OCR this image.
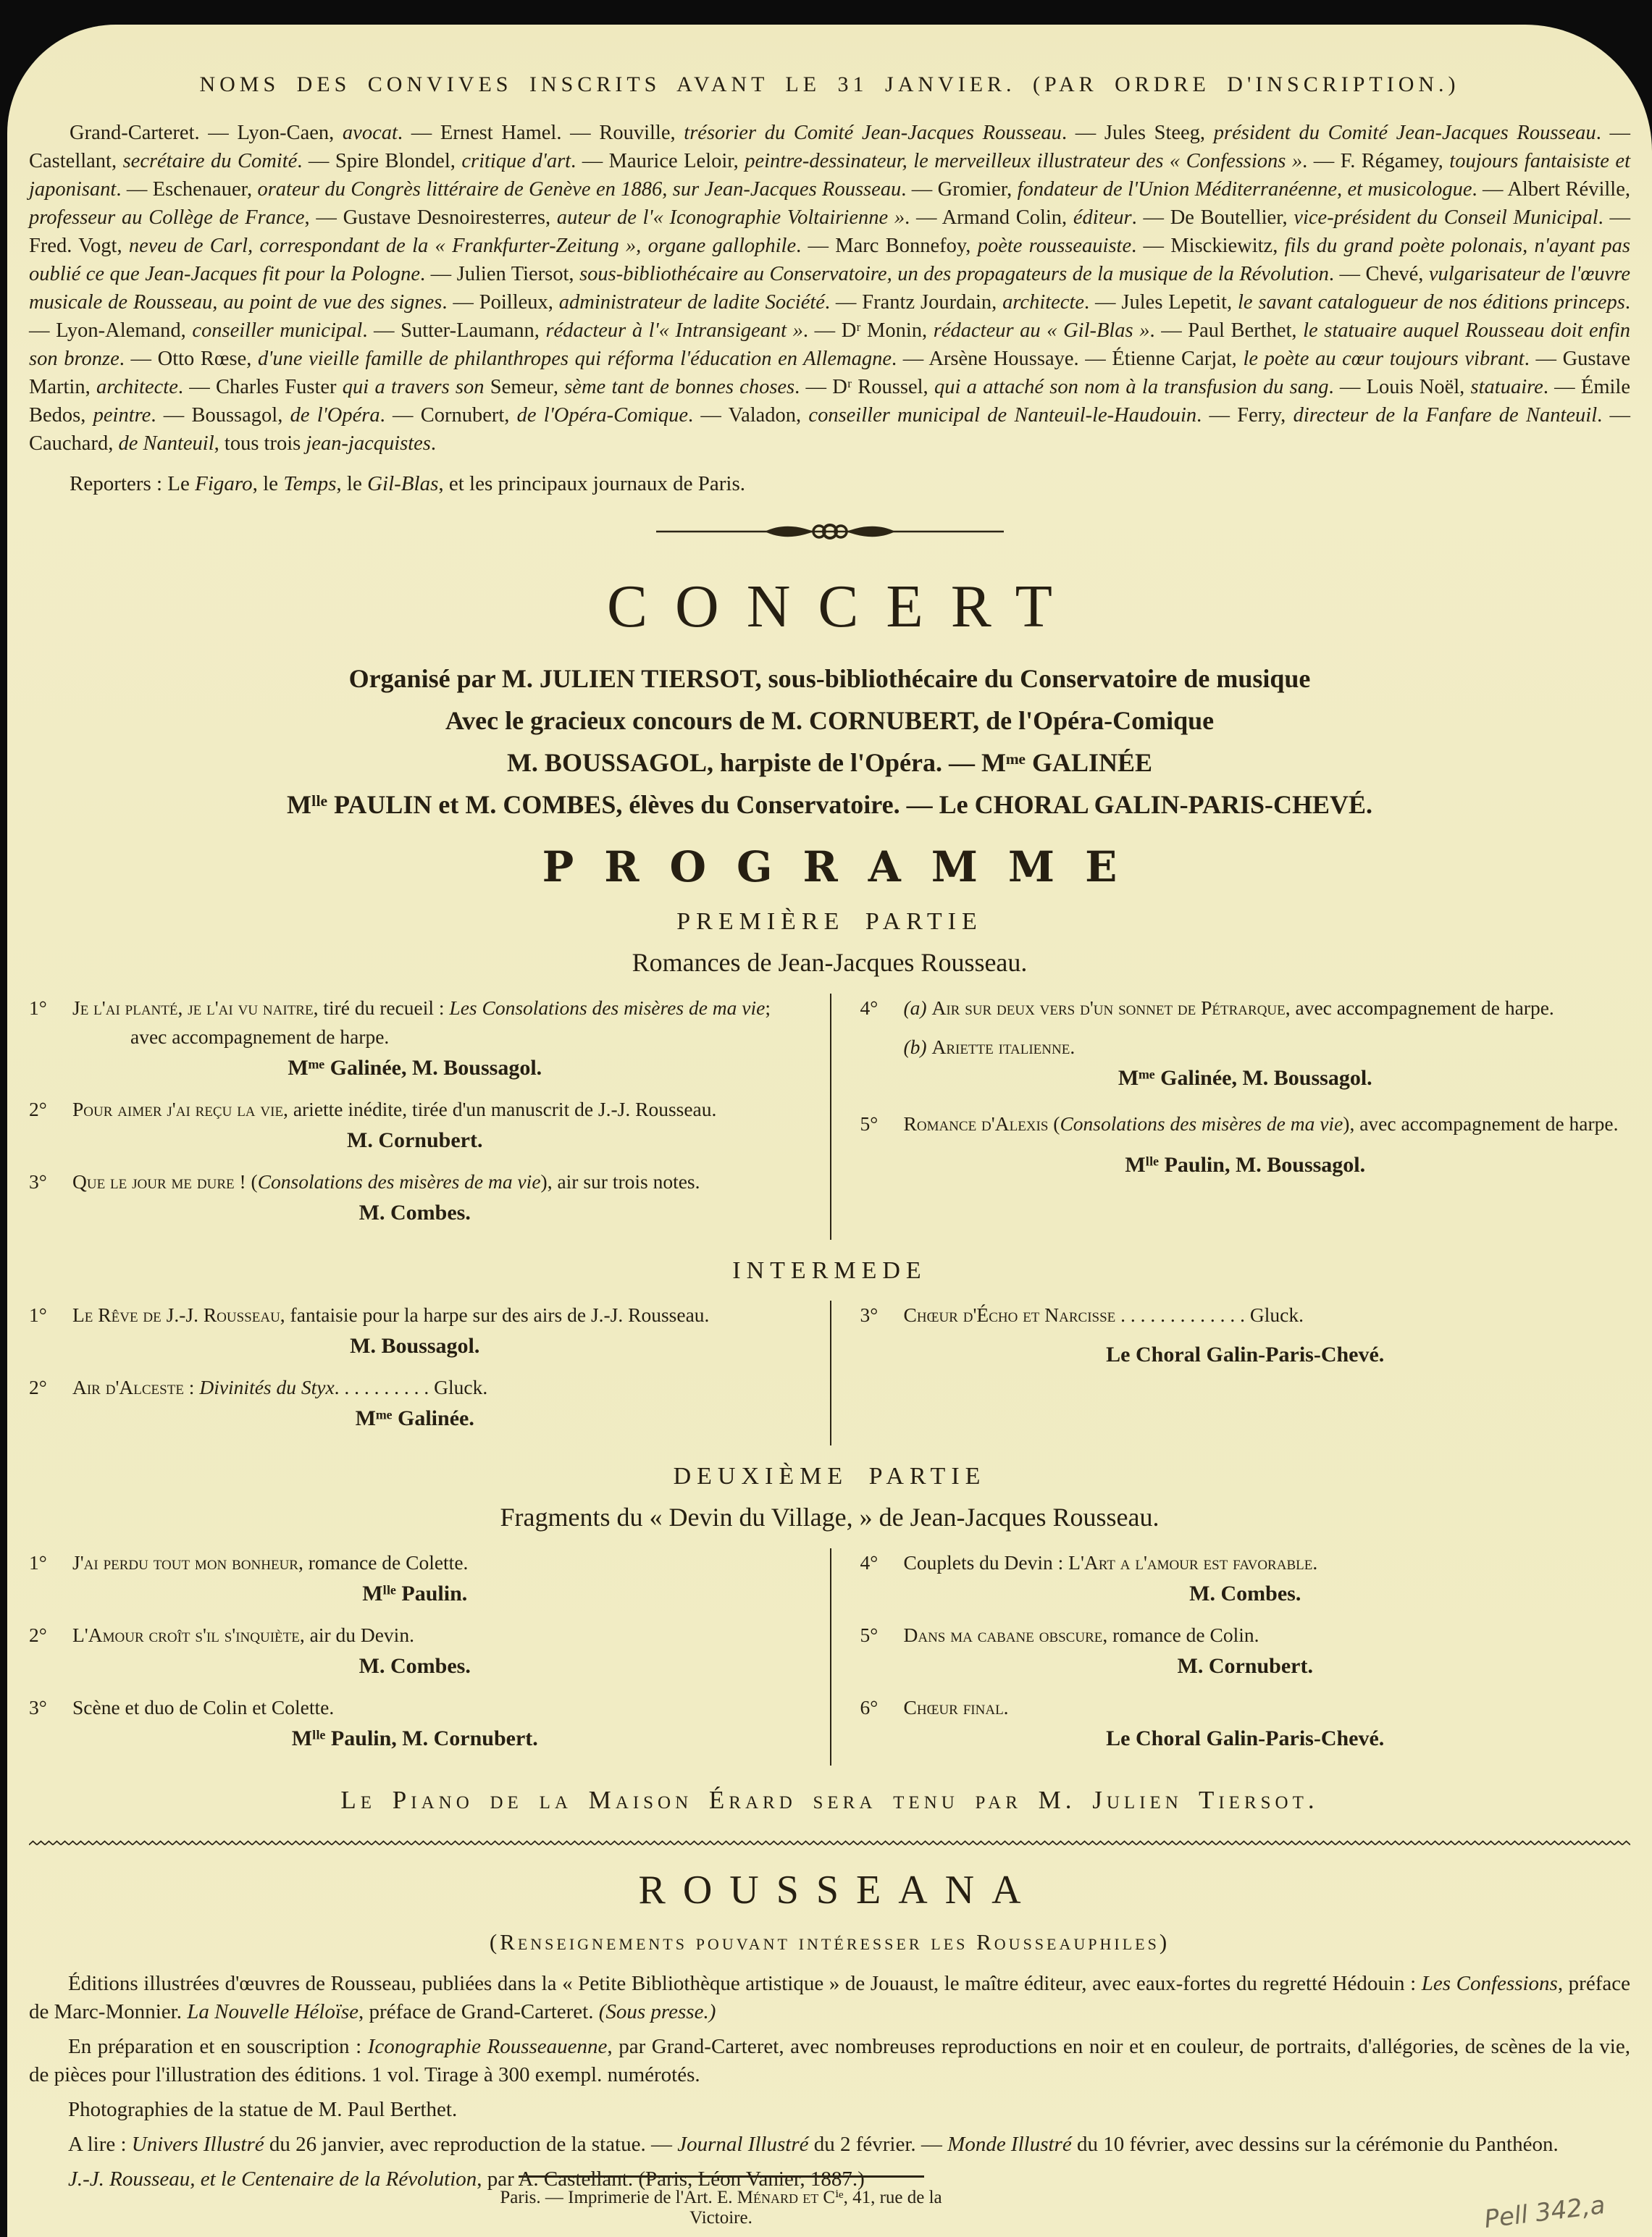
NOMS DES CONVIVES INSCRITS AVANT LE 31 JANVIER. (PAR ORDRE D'INSCRIPTION.)

Grand-Carteret. — Lyon-Caen, avocat. — Ernest Hamel. — Rouville, trésorier du Comité Jean-Jacques Rousseau. — Jules Steeg, président du Comité Jean-Jacques Rousseau. — Castellant, secrétaire du Comité. — Spire Blondel, critique d'art. — Maurice Leloir, peintre-dessinateur, le merveilleux illustrateur des « Confessions ». — F. Régamey, toujours fantaisiste et japonisant. — Eschenauer, orateur du Congrès littéraire de Genève en 1886, sur Jean-Jacques Rousseau. — Gromier, fondateur de l'Union Méditerranéenne, et musicologue. — Albert Réville, professeur au Collège de France, — Gustave Desnoiresterres, auteur de l'« Iconographie Voltairienne ». — Armand Colin, éditeur. — De Boutellier, vice-président du Conseil Municipal. — Fred. Vogt, neveu de Carl, correspondant de la « Frankfurter-Zeitung », organe gallophile. — Marc Bonnefoy, poète rousseauiste. — Misckiewitz, fils du grand poète polonais, n'ayant pas oublié ce que Jean-Jacques fit pour la Pologne. — Julien Tiersot, sous-bibliothécaire au Conservatoire, un des propagateurs de la musique de la Révolution. — Chevé, vulgarisateur de l'œuvre musicale de Rousseau, au point de vue des signes. — Poilleux, administrateur de ladite Société. — Frantz Jourdain, architecte. — Jules Lepetit, le savant catalogueur de nos éditions princeps. — Lyon-Alemand, conseiller municipal. — Sutter-Laumann, rédacteur à l'« Intransigeant ». — Dʳ Monin, rédacteur au « Gil-Blas ». — Paul Berthet, le statuaire auquel Rousseau doit enfin son bronze. — Otto Rœse, d'une vieille famille de philanthropes qui réforma l'éducation en Allemagne. — Arsène Houssaye. — Étienne Carjat, le poète au cœur toujours vibrant. — Gustave Martin, architecte. — Charles Fuster qui a travers son Semeur, sème tant de bonnes choses. — Dʳ Roussel, qui a attaché son nom à la transfusion du sang. — Louis Noël, statuaire. — Émile Bedos, peintre. — Boussagol, de l'Opéra. — Cornubert, de l'Opéra-Comique. — Valadon, conseiller municipal de Nanteuil-le-Haudouin. — Ferry, directeur de la Fanfare de Nanteuil. — Cauchard, de Nanteuil, tous trois jean-jacquistes.

Reporters : Le Figaro, le Temps, le Gil-Blas, et les principaux journaux de Paris.
CONCERT
Organisé par M. JULIEN TIERSOT, sous-bibliothécaire du Conservatoire de musique
Avec le gracieux concours de M. CORNUBERT, de l'Opéra-Comique
M. BOUSSAGOL, harpiste de l'Opéra. — Mᵐᵉ GALINÉE
Mˡˡᵉ PAULIN et M. COMBES, élèves du Conservatoire. — Le CHORAL GALIN-PARIS-CHEVÉ.
PROGRAMME
PREMIÈRE PARTIE
Romances de Jean-Jacques Rousseau.
1° Je l'ai planté, je l'ai vu naitre, tiré du recueil : Les Consolations des misères de ma vie; avec accompagnement de harpe.
Mᵐᵉ Galinée, M. Boussagol.
2° Pour aimer j'ai reçu la vie, ariette inédite, tirée d'un manuscrit de J.-J. Rousseau.
M. Cornubert.
3° Que le jour me dure ! (Consolations des misères de ma vie), air sur trois notes.
M. Combes.
4° (a) Air sur deux vers d'un sonnet de Pétrarque, avec accompagnement de harpe.
(b) Ariette italienne.
Mᵐᵉ Galinée, M. Boussagol.
5° Romance d'Alexis (Consolations des misères de ma vie), avec accompagnement de harpe.
Mˡˡᵉ Paulin, M. Boussagol.
INTERMEDE
1° Le Rêve de J.-J. Rousseau, fantaisie pour la harpe sur des airs de J.-J. Rousseau.
M. Boussagol.
2° Air d'Alceste : Divinités du Styx. . . . . . . . . . Gluck.
Mᵐᵉ Galinée.
3° Chœur d'Écho et Narcisse . . . . . . . . . . . . . Gluck.
Le Choral Galin-Paris-Chevé.
DEUXIÈME PARTIE
Fragments du « Devin du Village, » de Jean-Jacques Rousseau.
1° J'ai perdu tout mon bonheur, romance de Colette.
Mˡˡᵉ Paulin.
2° L'Amour croît s'il s'inquiète, air du Devin.
M. Combes.
3° Scène et duo de Colin et Colette.
Mˡˡᵉ Paulin, M. Cornubert.
4° Couplets du Devin : L'Art a l'amour est favorable.
M. Combes.
5° Dans ma cabane obscure, romance de Colin.
M. Cornubert.
6° Chœur final.
Le Choral Galin-Paris-Chevé.
Le Piano de la Maison Érard sera tenu par M. Julien Tiersot.
ROUSSEANA
(Renseignements pouvant intéresser les Rousseauphiles)

Éditions illustrées d'œuvres de Rousseau, publiées dans la « Petite Bibliothèque artistique » de Jouaust, le maître éditeur, avec eaux-fortes du regretté Hédouin : Les Confessions, préface de Marc-Monnier. La Nouvelle Héloïse, préface de Grand-Carteret. (Sous presse.)

En préparation et en souscription : Iconographie Rousseauenne, par Grand-Carteret, avec nombreuses reproductions en noir et en couleur, de portraits, d'allégories, de scènes de la vie, de pièces pour l'illustration des éditions. 1 vol. Tirage à 300 exempl. numérotés.

Photographies de la statue de M. Paul Berthet.

A lire : Univers Illustré du 26 janvier, avec reproduction de la statue. — Journal Illustré du 2 février. — Monde Illustré du 10 février, avec dessins sur la cérémonie du Panthéon.

J.-J. Rousseau, et le Centenaire de la Révolution, par A. Castellant. (Paris, Léon Vanier, 1887.)

Paris. — Imprimerie de l'Art. E. Ménard et Cⁱᵉ, 41, rue de la Victoire.	Pell 342,a
